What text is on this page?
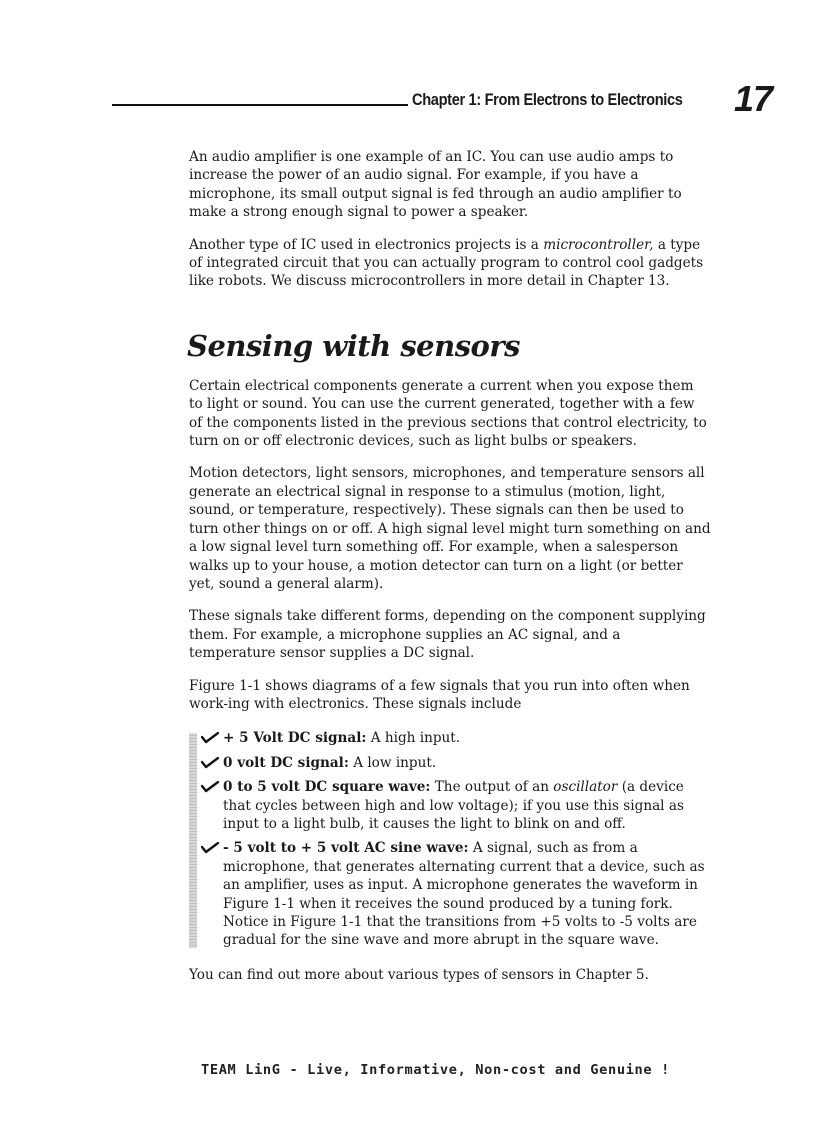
Chapter 1: From Electrons to Electronics 17

An audio amplifier is one example of an IC. You can use audio amps to increase the power of an audio signal. For example, if you have a microphone, its small output signal is fed through an audio amplifier to make a strong enough signal to power a speaker.

Another type of IC used in electronics projects is a microcontroller, a type of integrated circuit that you can actually program to control cool gadgets like robots. We discuss microcontrollers in more detail in Chapter 13.

Sensing with sensors

Certain electrical components generate a current when you expose them to light or sound. You can use the current generated, together with a few of the components listed in the previous sections that control electricity, to turn on or off electronic devices, such as light bulbs or speakers.

Motion detectors, light sensors, microphones, and temperature sensors all generate an electrical signal in response to a stimulus (motion, light, sound, or temperature, respectively). These signals can then be used to turn other things on or off. A high signal level might turn something on and a low signal level turn something off. For example, when a salesperson walks up to your house, a motion detector can turn on a light (or better yet, sound a general alarm).

These signals take different forms, depending on the component supplying them. For example, a microphone supplies an AC signal, and a temperature sensor supplies a DC signal.

Figure 1-1 shows diagrams of a few signals that you run into often when work-ing with electronics. These signals include

+ 5 Volt DC signal: A high input.
0 volt DC signal: A low input.
0 to 5 volt DC square wave: The output of an oscillator (a device that cycles between high and low voltage); if you use this signal as input to a light bulb, it causes the light to blink on and off.
- 5 volt to + 5 volt AC sine wave: A signal, such as from a microphone, that generates alternating current that a device, such as an amplifier, uses as input. A microphone generates the waveform in Figure 1-1 when it receives the sound produced by a tuning fork. Notice in Figure 1-1 that the transitions from +5 volts to -5 volts are gradual for the sine wave and more abrupt in the square wave.

You can find out more about various types of sensors in Chapter 5.

TEAM LinG - Live, Informative, Non-cost and Genuine !
